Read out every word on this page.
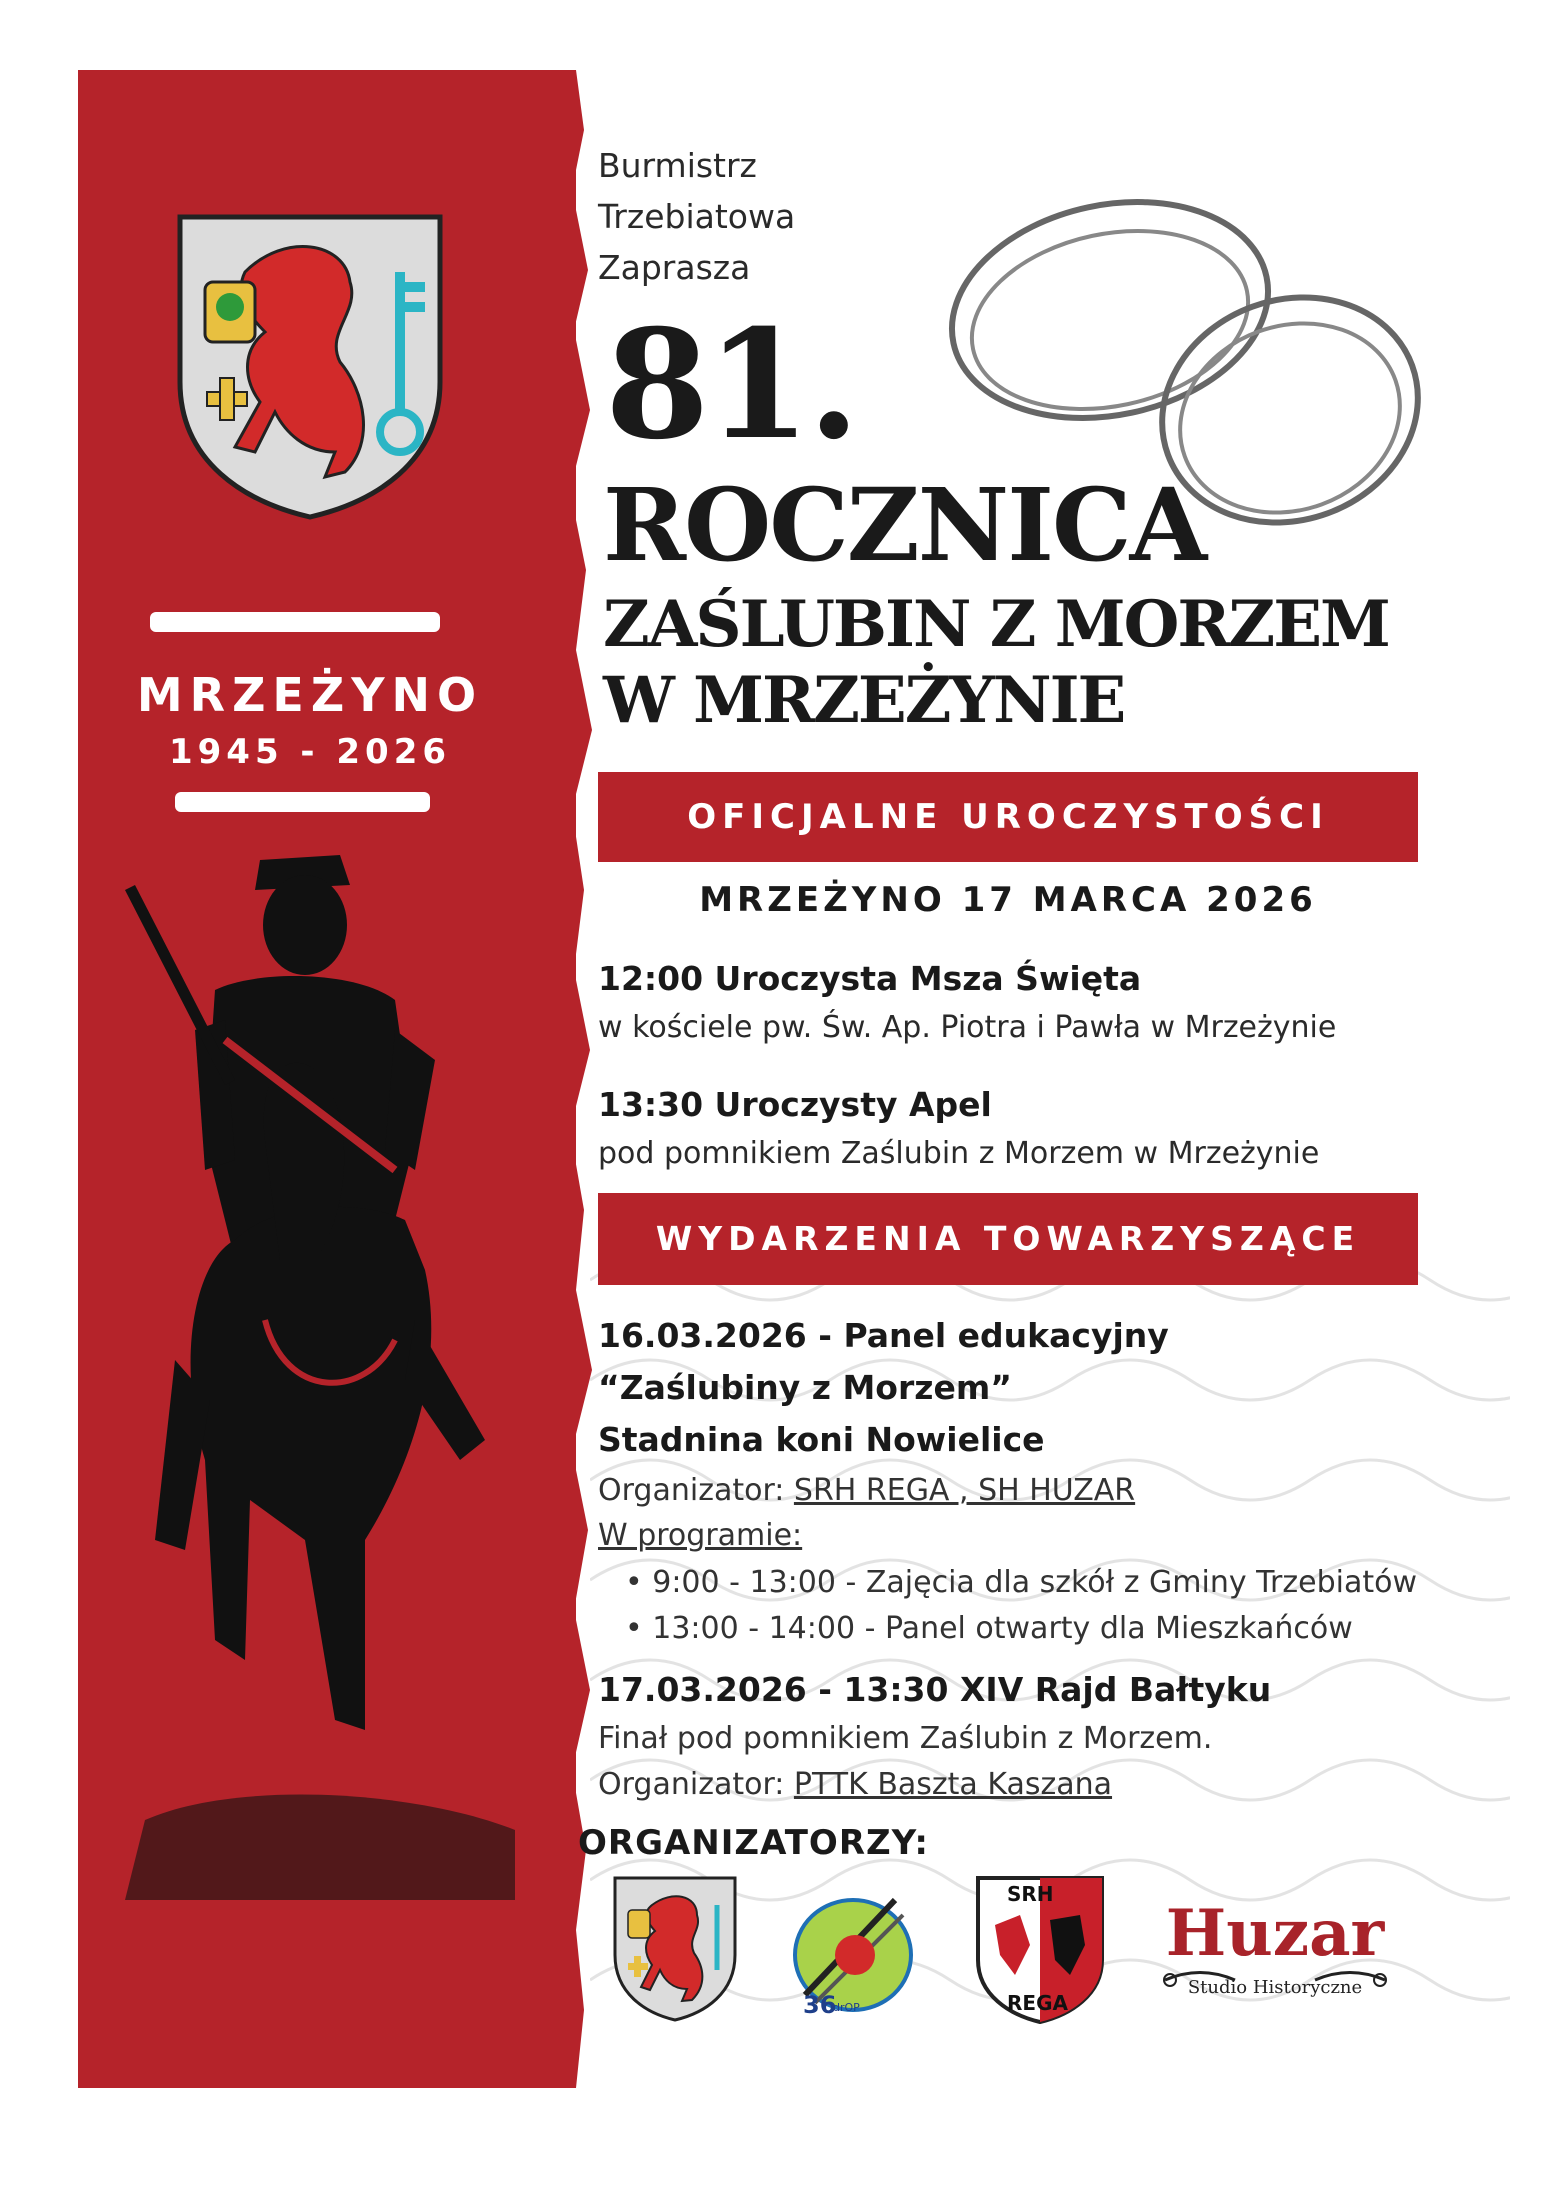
MRZEŻYNO
1945 - 2026
Burmistrz
Trzebiatowa
Zaprasza
81.
ROCZNICA
ZAŚLUBIN Z MORZEM
W MRZEŻYNIE
OFICJALNE UROCZYSTOŚCI
MRZEŻYNO 17 MARCA 2026
12:00 Uroczysta Msza Święta
w kościele pw. Św. Ap. Piotra i Pawła w Mrzeżynie
13:30 Uroczysty Apel
pod pomnikiem Zaślubin z Morzem w Mrzeżynie
WYDARZENIA TOWARZYSZĄCE
16.03.2026 - Panel edukacyjny
“Zaślubiny z Morzem”
Stadnina koni Nowielice
Organizator: SRH REGA , SH HUZAR
W programie:
• 9:00 - 13:00 - Zajęcia dla szkół z Gminy Trzebiatów
• 13:00 - 14:00 - Panel otwarty dla Mieszkańców
17.03.2026 - 13:30 XIV Rajd Bałtyku
Finał pod pomnikiem Zaślubin z Morzem.
Organizator: PTTK Baszta Kaszana
ORGANIZATORZY:
36
drOP
SRH
REGA
Huzar
Studio Historyczne
